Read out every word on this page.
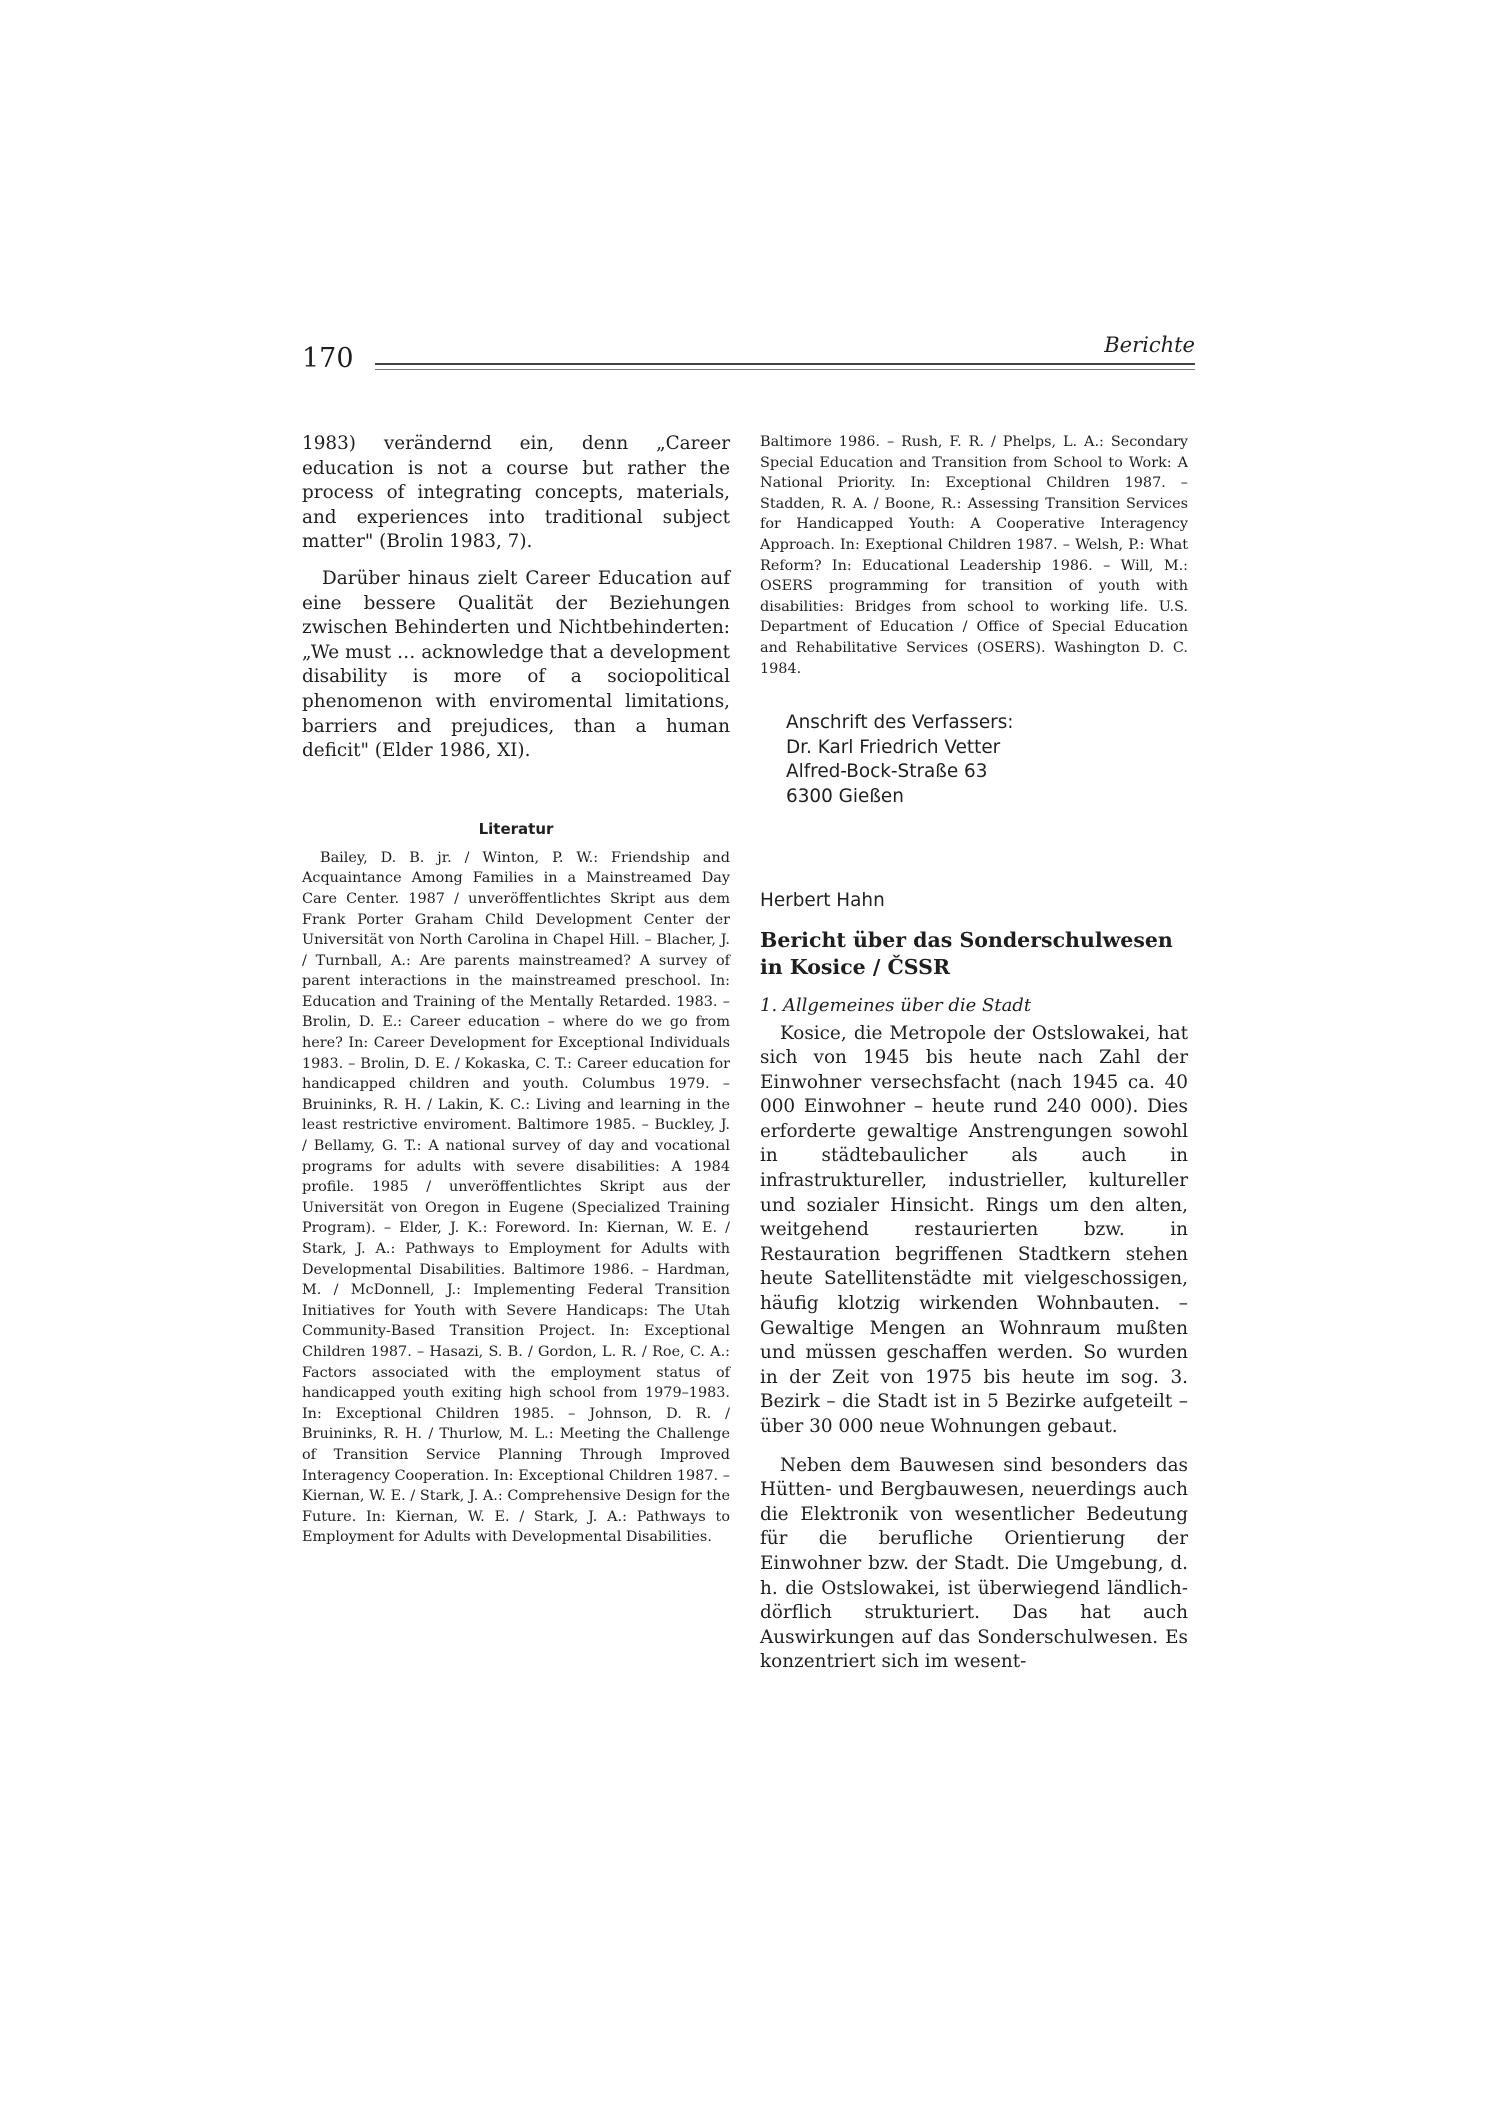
170	Berichte

1983) verändernd ein, denn „Career education is not a course but rather the process of integrating concepts, materials, and experiences into traditional subject matter" (Brolin 1983, 7).

Darüber hinaus zielt Career Education auf eine bessere Qualität der Beziehungen zwischen Behinderten und Nichtbehinderten: „We must … acknowledge that a development disability is more of a sociopolitical phenomenon with enviromental limitations, barriers and prejudices, than a human deficit" (Elder 1986, XI).

Literatur

Bailey, D. B. jr. / Winton, P. W.: Friendship and Acquaintance Among Families in a Mainstreamed Day Care Center. 1987 / unveröffentlichtes Skript aus dem Frank Porter Graham Child Development Center der Universität von North Carolina in Chapel Hill. – Blacher, J. / Turnball, A.: Are parents mainstreamed? A survey of parent interactions in the mainstreamed preschool. In: Education and Training of the Mentally Retarded. 1983. – Brolin, D. E.: Career education – where do we go from here? In: Career Development for Exceptional Individuals 1983. – Brolin, D. E. / Kokaska, C. T.: Career education for handicapped children and youth. Columbus 1979. – Bruininks, R. H. / Lakin, K. C.: Living and learning in the least restrictive enviroment. Baltimore 1985. – Buckley, J. / Bellamy, G. T.: A national survey of day and vocational programs for adults with severe disabilities: A 1984 profile. 1985 / unveröffentlichtes Skript aus der Universität von Oregon in Eugene (Specialized Training Program). – Elder, J. K.: Foreword. In: Kiernan, W. E. / Stark, J. A.: Pathways to Employment for Adults with Developmental Disabilities. Baltimore 1986. – Hardman, M. / McDonnell, J.: Implementing Federal Transition Initiatives for Youth with Severe Handicaps: The Utah Community-Based Transition Project. In: Exceptional Children 1987. – Hasazi, S. B. / Gordon, L. R. / Roe, C. A.: Factors associated with the employment status of handicapped youth exiting high school from 1979–1983. In: Exceptional Children 1985. – Johnson, D. R. / Bruininks, R. H. / Thurlow, M. L.: Meeting the Challenge of Transition Service Planning Through Improved Interagency Cooperation. In: Exceptional Children 1987. – Kiernan, W. E. / Stark, J. A.: Comprehensive Design for the Future. In: Kiernan, W. E. / Stark, J. A.: Pathways to Employment for Adults with Developmental Disabilities.

Baltimore 1986. – Rush, F. R. / Phelps, L. A.: Secondary Special Education and Transition from School to Work: A National Priority. In: Exceptional Children 1987. – Stadden, R. A. / Boone, R.: Assessing Transition Services for Handicapped Youth: A Cooperative Interagency Approach. In: Exeptional Children 1987. – Welsh, P.: What Reform? In: Educational Leadership 1986. – Will, M.: OSERS programming for transition of youth with disabilities: Bridges from school to working life. U.S. Department of Education / Office of Special Education and Rehabilitative Services (OSERS). Washington D. C. 1984.

Anschrift des Verfassers:
Dr. Karl Friedrich Vetter
Alfred-Bock-Straße 63
6300 Gießen
Herbert Hahn
Bericht über das Sonderschulwesen in Kosice / ČSSR
1. Allgemeines über die Stadt

Kosice, die Metropole der Ostslowakei, hat sich von 1945 bis heute nach Zahl der Einwohner versechsfacht (nach 1945 ca. 40 000 Einwohner – heute rund 240 000). Dies erforderte gewaltige Anstrengungen sowohl in städtebaulicher als auch in infrastruktureller, industrieller, kultureller und sozialer Hinsicht. Rings um den alten, weitgehend restaurierten bzw. in Restauration begriffenen Stadtkern stehen heute Satellitenstädte mit vielgeschossigen, häufig klotzig wirkenden Wohnbauten. – Gewaltige Mengen an Wohnraum mußten und müssen geschaffen werden. So wurden in der Zeit von 1975 bis heute im sog. 3. Bezirk – die Stadt ist in 5 Bezirke aufgeteilt – über 30 000 neue Wohnungen gebaut.

Neben dem Bauwesen sind besonders das Hütten- und Bergbauwesen, neuerdings auch die Elektronik von wesentlicher Bedeutung für die berufliche Orientierung der Einwohner bzw. der Stadt. Die Umgebung, d. h. die Ostslowakei, ist überwiegend ländlich-dörflich strukturiert. Das hat auch Auswirkungen auf das Sonderschulwesen. Es konzentriert sich im wesent-
